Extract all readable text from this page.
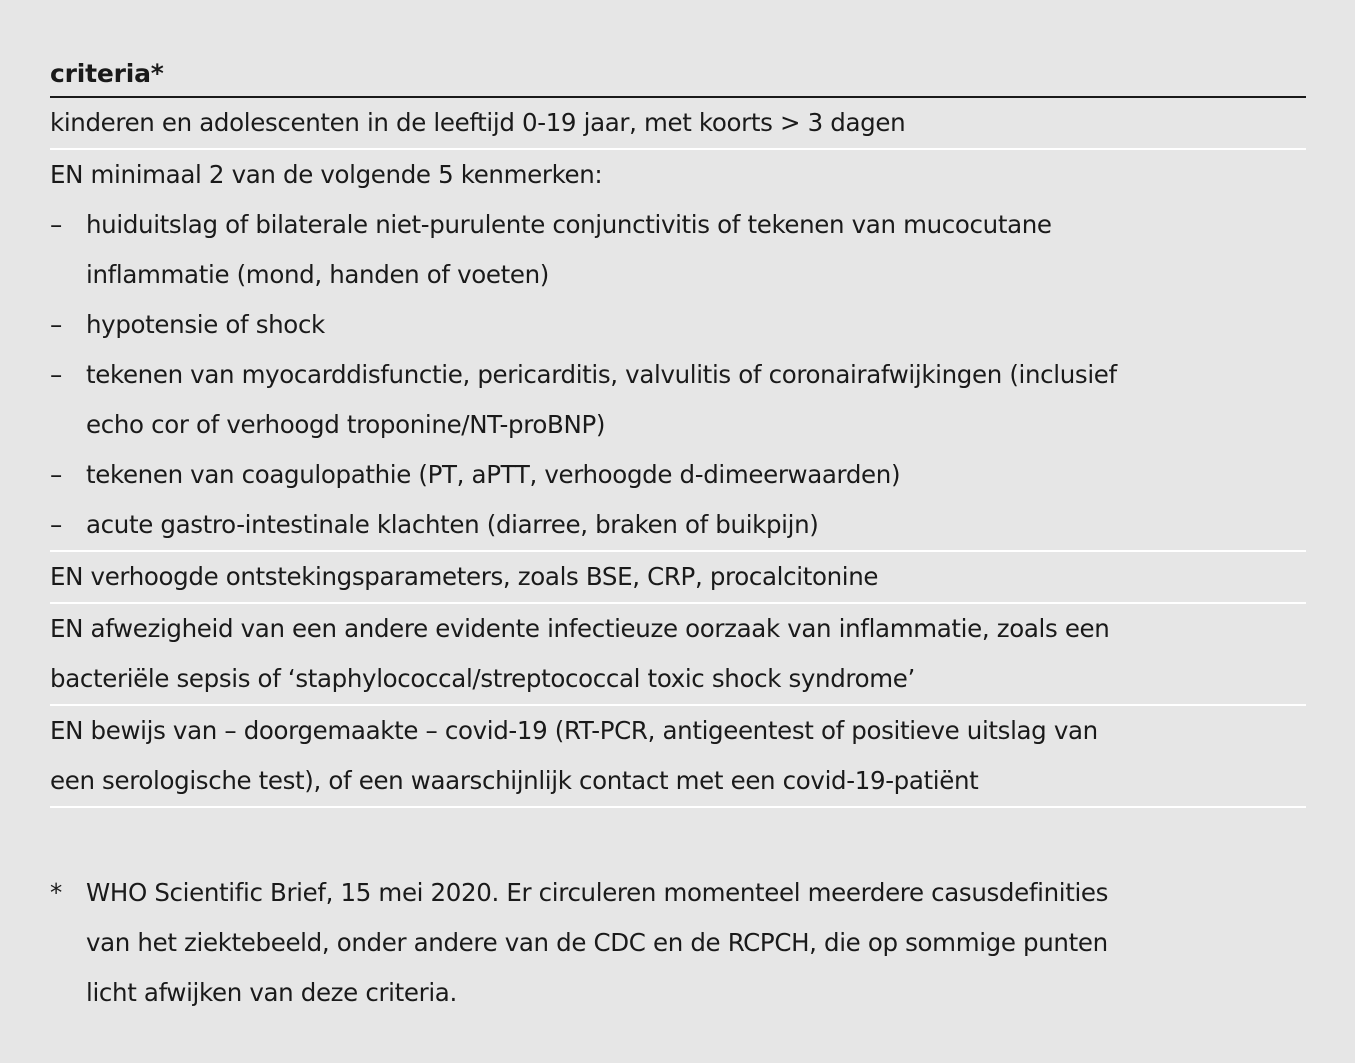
criteria*
kinderen en adolescenten in de leeftijd 0-19 jaar, met koorts > 3 dagen
EN minimaal 2 van de volgende 5 kenmerken:
– huiduitslag of bilaterale niet-purulente conjunctivitis of tekenen van mucocutane
inflammatie (mond, handen of voeten)
– hypotensie of shock
– tekenen van myocarddisfunctie, pericarditis, valvulitis of coronairafwijkingen (inclusief
echo cor of verhoogd troponine/NT-proBNP)
– tekenen van coagulopathie (PT, aPTT, verhoogde d-dimeerwaarden)
– acute gastro-intestinale klachten (diarree, braken of buikpijn)
EN verhoogde ontstekingsparameters, zoals BSE, CRP, procalcitonine
EN afwezigheid van een andere evidente infectieuze oorzaak van inflammatie, zoals een
bacteriële sepsis of ‘staphylococcal/streptococcal toxic shock syndrome’
EN bewijs van – doorgemaakte – covid-19 (RT-PCR, antigeentest of positieve uitslag van
een serologische test), of een waarschijnlijk contact met een covid-19-patiënt
* WHO Scientific Brief, 15 mei 2020. Er circuleren momenteel meerdere casusdefinities
van het ziektebeeld, onder andere van de CDC en de RCPCH, die op sommige punten
licht afwijken van deze criteria.
